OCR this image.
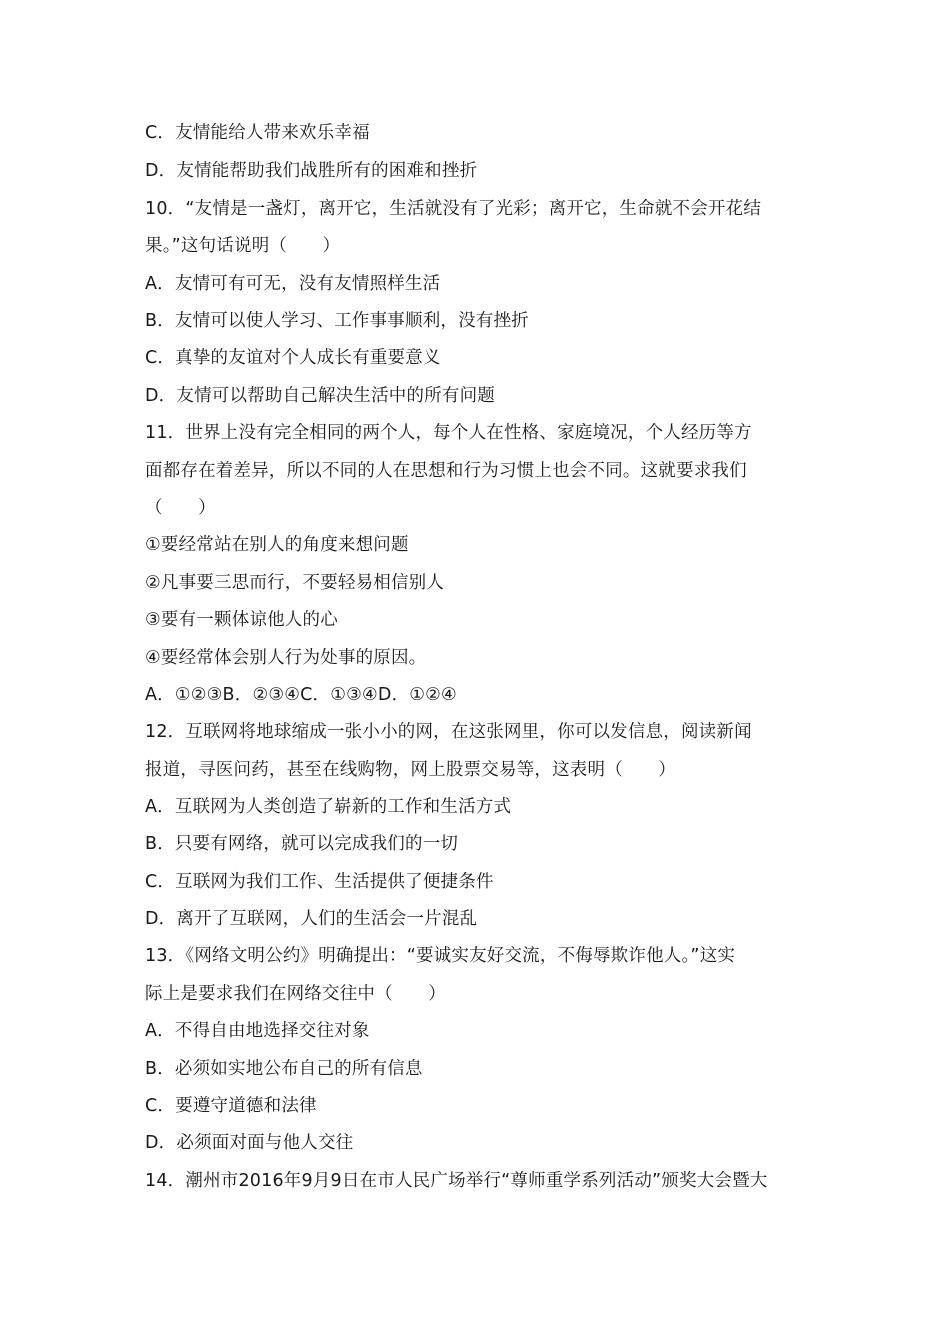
C．友情能给人带来欢乐幸福
D．友情能帮助我们战胜所有的困难和挫折
10．“友情是一盏灯，离开它，生活就没有了光彩；离开它，生命就不会开花结
果。”这句话说明（　　）
A．友情可有可无，没有友情照样生活
B．友情可以使人学习、工作事事顺利，没有挫折
C．真挚的友谊对个人成长有重要意义
D．友情可以帮助自己解决生活中的所有问题
11．世界上没有完全相同的两个人，每个人在性格、家庭境况，个人经历等方
面都存在着差异，所以不同的人在思想和行为习惯上也会不同。这就要求我们
（　　）
①要经常站在别人的角度来想问题
②凡事要三思而行，不要轻易相信别人
③要有一颗体谅他人的心
④要经常体会别人行为处事的原因。
A．①②③B．②③④C．①③④D．①②④
12．互联网将地球缩成一张小小的网，在这张网里，你可以发信息，阅读新闻
报道，寻医问药，甚至在线购物，网上股票交易等，这表明（　　）
A．互联网为人类创造了崭新的工作和生活方式
B．只要有网络，就可以完成我们的一切
C．互联网为我们工作、生活提供了便捷条件
D．离开了互联网，人们的生活会一片混乱
13．《网络文明公约》明确提出：“要诚实友好交流，不侮辱欺诈他人。”这实
际上是要求我们在网络交往中（　　）
A．不得自由地选择交往对象
B．必须如实地公布自己的所有信息
C．要遵守道德和法律
D．必须面对面与他人交往
14．潮州市2016年9月9日在市人民广场举行“尊师重学系列活动”颁奖大会暨大
